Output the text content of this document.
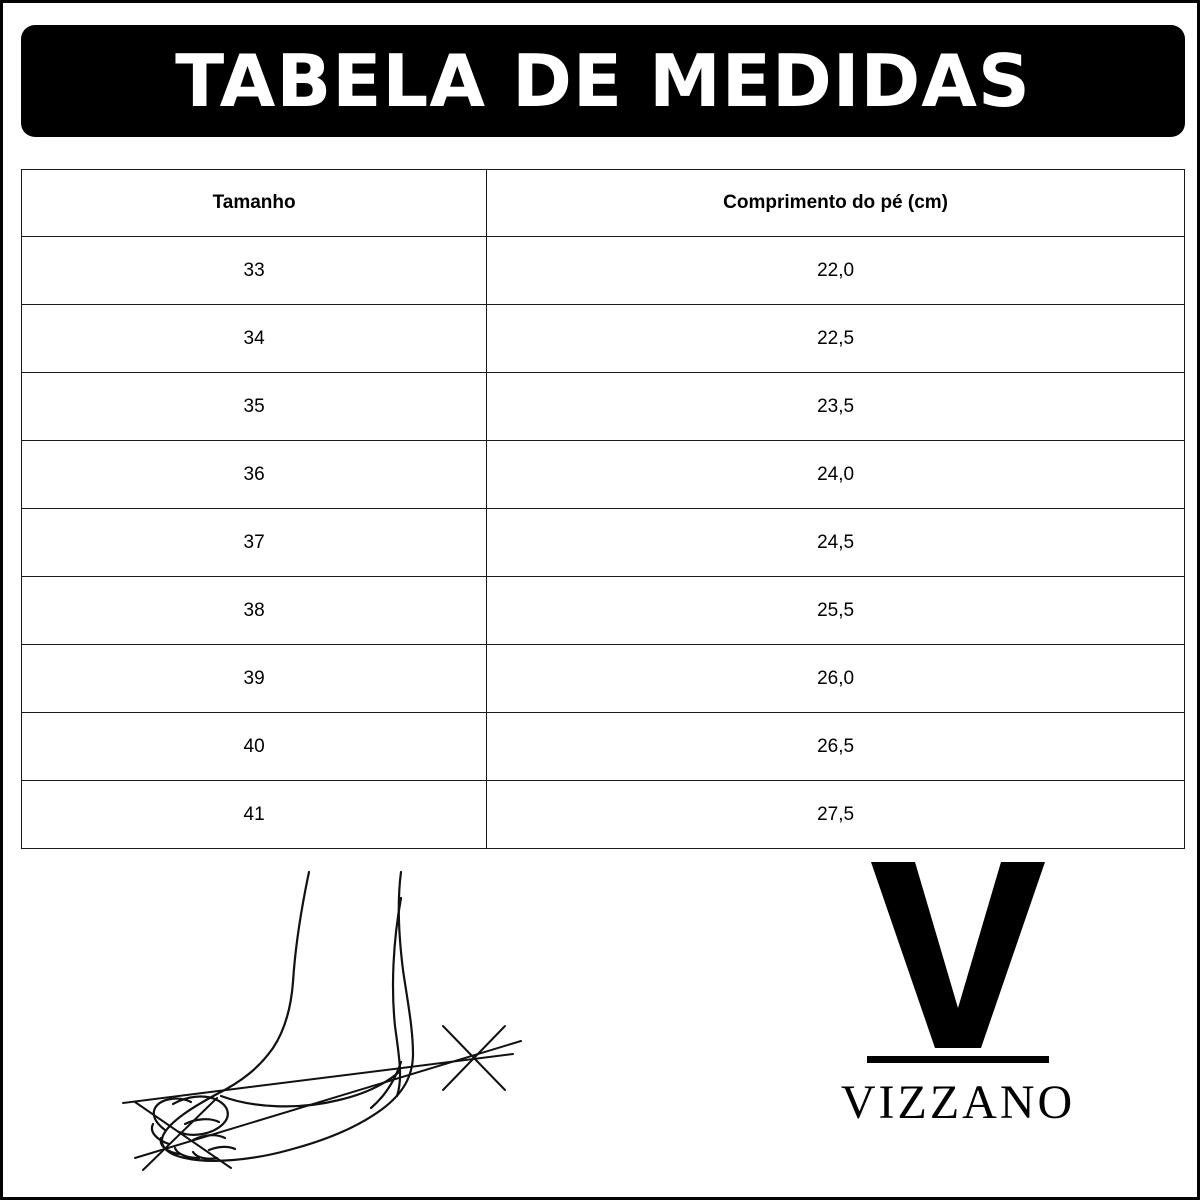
TABELA DE MEDIDAS
Tamanho	Comprimento do pé (cm)
33	22,0
34	22,5
35	23,5
36	24,0
37	24,5
38	25,5
39	26,0
40	26,5
41	27,5
VIZZANO
